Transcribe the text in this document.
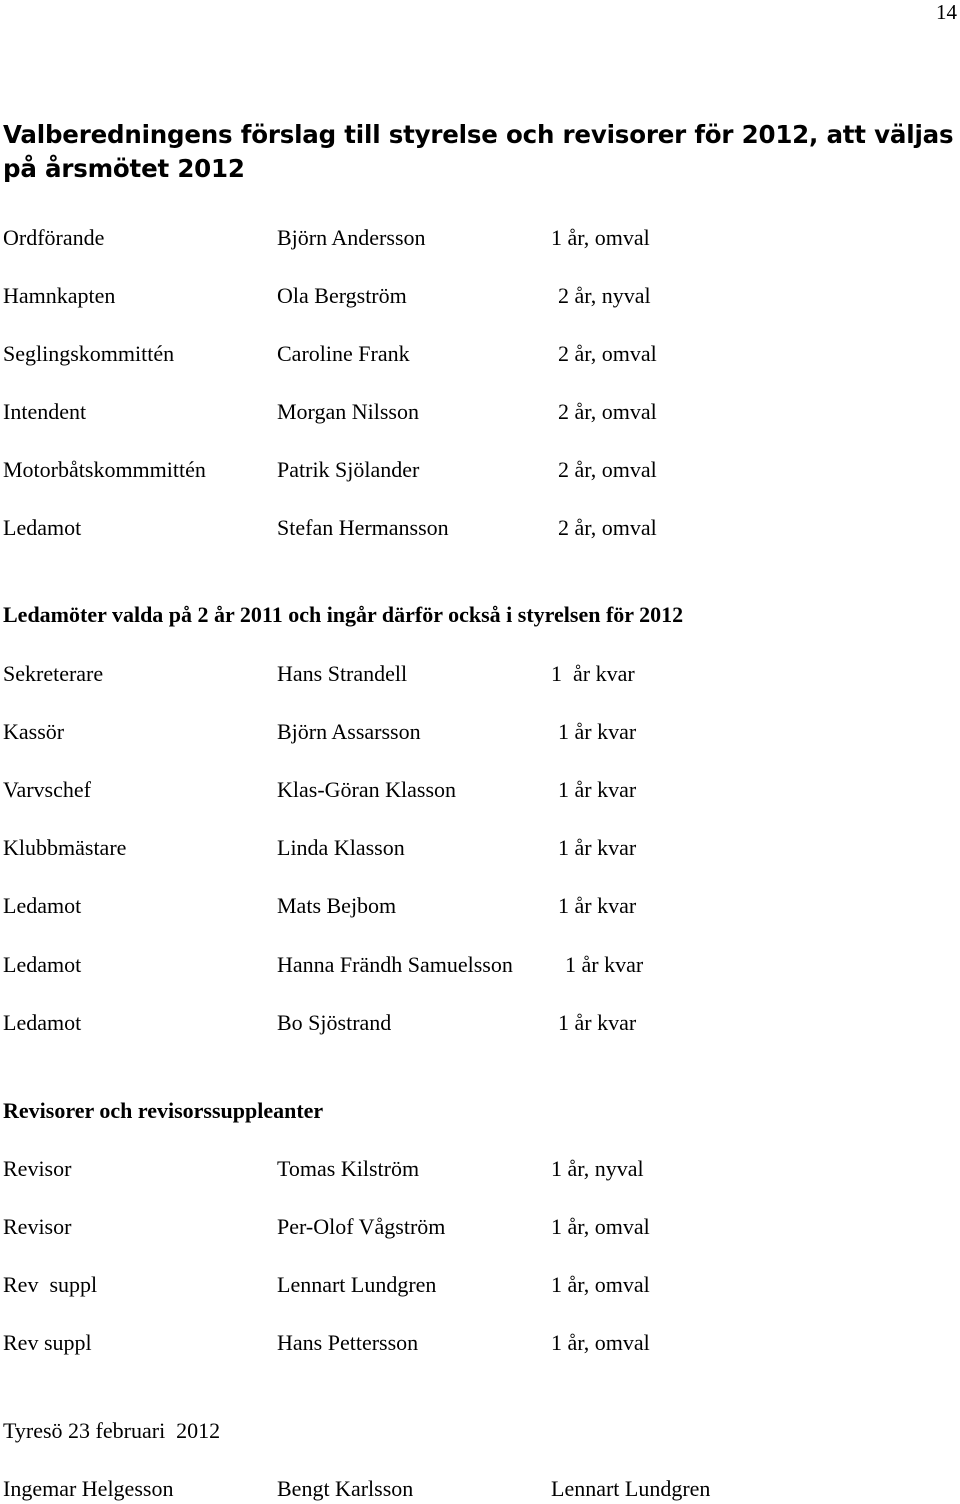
14
Valberedningens förslag till styrelse och revisorer för 2012, att väljas på årsmötet 2012
Ordförande	Björn Andersson	1 år, omval
Hamnkapten	Ola Bergström	2 år, nyval
Seglingskommittén	Caroline Frank	2 år, omval
Intendent	Morgan Nilsson	2 år, omval
Motorbåtskommmittén	Patrik Sjölander	2 år, omval
Ledamot	Stefan Hermansson	2 år, omval
Ledamöter valda på 2 år 2011 och ingår därför också i styrelsen för 2012
Sekreterare	Hans Strandell	1  år kvar
Kassör	Björn Assarsson	1 år kvar
Varvschef	Klas-Göran Klasson	1 år kvar
Klubbmästare	Linda Klasson	1 år kvar
Ledamot	Mats Bejbom	1 år kvar
Ledamot	Hanna Frändh Samuelsson 1 år kvar
Ledamot	Bo Sjöstrand	1 år kvar
Revisorer och revisorssuppleanter
Revisor	Tomas Kilström	1 år, nyval
Revisor	Per-Olof Vågström	1 år, omval
Rev  suppl	Lennart Lundgren	1 år, omval
Rev suppl	Hans Pettersson	1 år, omval
Tyresö 23 februari  2012
Ingemar Helgesson	Bengt Karlsson	Lennart Lundgren
